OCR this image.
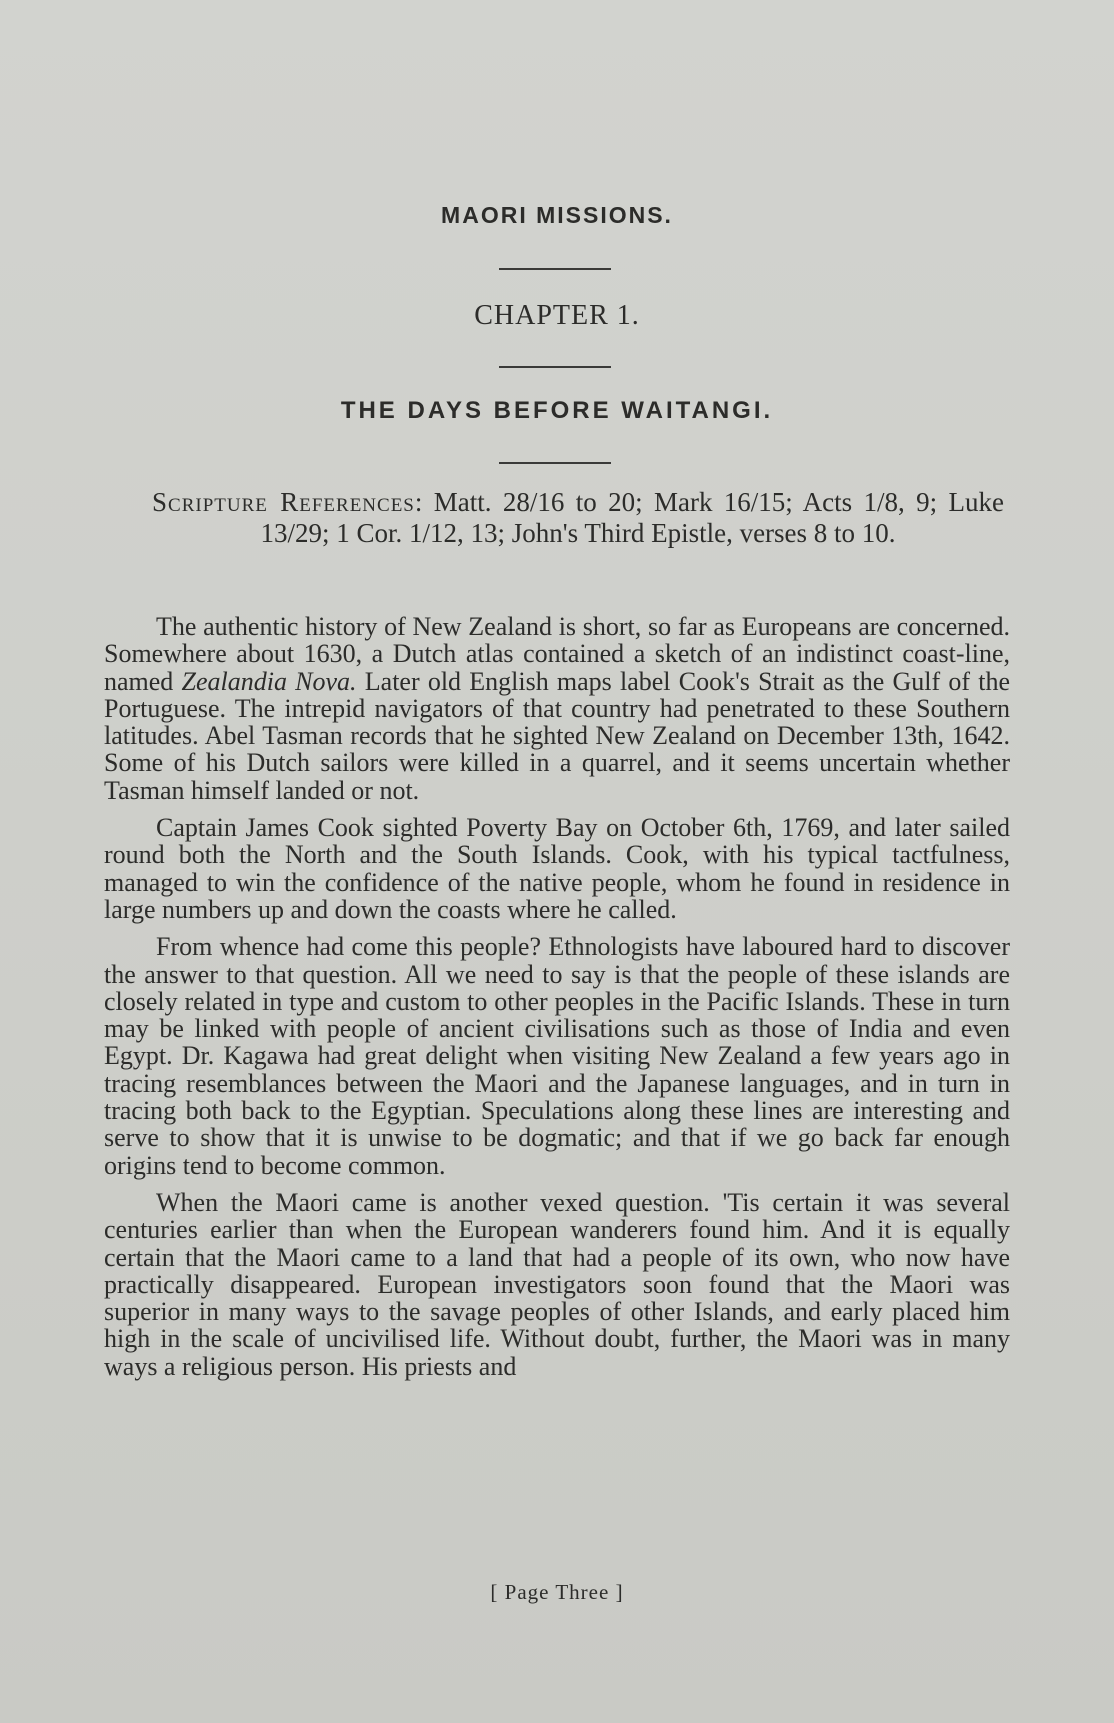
MAORI MISSIONS.
CHAPTER 1.
THE DAYS BEFORE WAITANGI.
Scripture References: Matt. 28/16 to 20; Mark 16/15; Acts 1/8, 9; Luke 13/29; 1 Cor. 1/12, 13; John's Third Epistle, verses 8 to 10.

The authentic history of New Zealand is short, so far as Europeans are concerned. Somewhere about 1630, a Dutch atlas contained a sketch of an indistinct coast-line, named Zealandia Nova. Later old English maps label Cook's Strait as the Gulf of the Portuguese. The intrepid navigators of that country had penetrated to these Southern latitudes. Abel Tasman records that he sighted New Zealand on December 13th, 1642. Some of his Dutch sailors were killed in a quarrel, and it seems uncertain whether Tasman himself landed or not.

Captain James Cook sighted Poverty Bay on October 6th, 1769, and later sailed round both the North and the South Islands. Cook, with his typical tactfulness, managed to win the confidence of the native people, whom he found in residence in large numbers up and down the coasts where he called.

From whence had come this people? Ethnologists have laboured hard to discover the answer to that question. All we need to say is that the people of these islands are closely related in type and custom to other peoples in the Pacific Islands. These in turn may be linked with people of ancient civilisations such as those of India and even Egypt. Dr. Kagawa had great delight when visiting New Zealand a few years ago in tracing resemblances between the Maori and the Japanese languages, and in turn in tracing both back to the Egyptian. Speculations along these lines are interesting and serve to show that it is unwise to be dogmatic; and that if we go back far enough origins tend to become common.

When the Maori came is another vexed question. 'Tis certain it was several centuries earlier than when the European wanderers found him. And it is equally certain that the Maori came to a land that had a people of its own, who now have practically disappeared. European investigators soon found that the Maori was superior in many ways to the savage peoples of other Islands, and early placed him high in the scale of uncivilised life. Without doubt, further, the Maori was in many ways a religious person. His priests and

[ Page Three ]
